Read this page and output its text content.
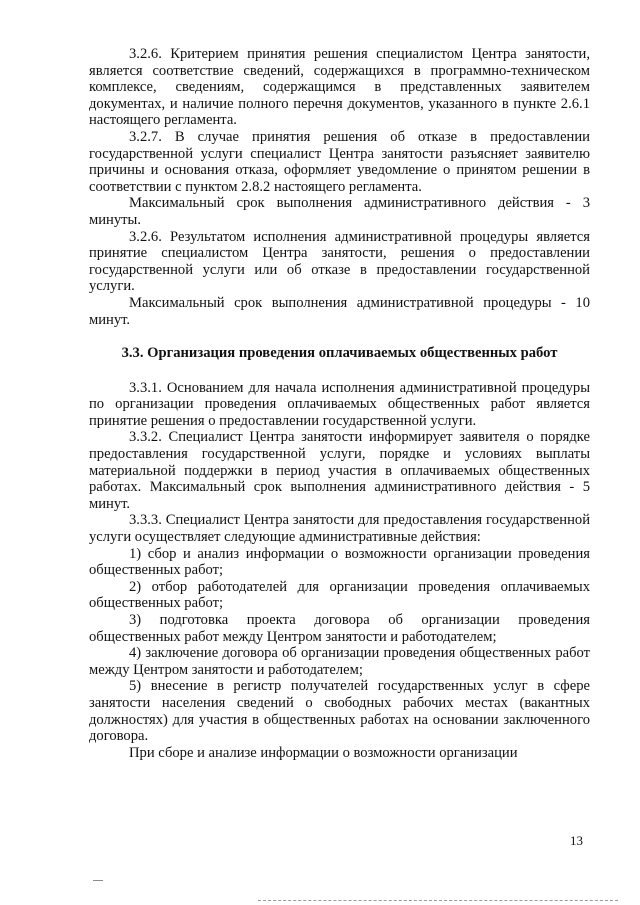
3.2.6. Критерием принятия решения специалистом Центра занятости, является соответствие сведений, содержащихся в программно-техническом комплексе, сведениям, содержащимся в представленных заявителем документах, и наличие полного перечня документов, указанного в пункте 2.6.1 настоящего регламента.

3.2.7. В случае принятия решения об отказе в предоставлении государственной услуги специалист Центра занятости разъясняет заявителю причины и основания отказа, оформляет уведомление о принятом решении в соответствии с пунктом 2.8.2 настоящего регламента.

Максимальный срок выполнения административного действия - 3 минуты.

3.2.6. Результатом исполнения административной процедуры является принятие специалистом Центра занятости, решения о предоставлении государственной услуги или об отказе в предоставлении государственной услуги.

Максимальный срок выполнения административной процедуры - 10 минут.

3.3. Организация проведения оплачиваемых общественных работ

3.3.1. Основанием для начала исполнения административной процедуры по организации проведения оплачиваемых общественных работ является принятие решения о предоставлении государственной услуги.

3.3.2. Специалист Центра занятости информирует заявителя о порядке предоставления государственной услуги, порядке и условиях выплаты материальной поддержки в период участия в оплачиваемых общественных работах. Максимальный срок выполнения административного действия - 5 минут.

3.3.3. Специалист Центра занятости для предоставления государственной услуги осуществляет следующие административные действия:

1) сбор и анализ информации о возможности организации проведения общественных работ;

2) отбор работодателей для организации проведения оплачиваемых общественных работ;

3) подготовка проекта договора об организации проведения общественных работ между Центром занятости и работодателем;

4) заключение договора об организации проведения общественных работ между Центром занятости и работодателем;

5) внесение в регистр получателей государственных услуг в сфере занятости населения сведений о свободных рабочих местах (вакантных должностях) для участия в общественных работах на основании заключенного договора.

При сборе и анализе информации о возможности организации

13
